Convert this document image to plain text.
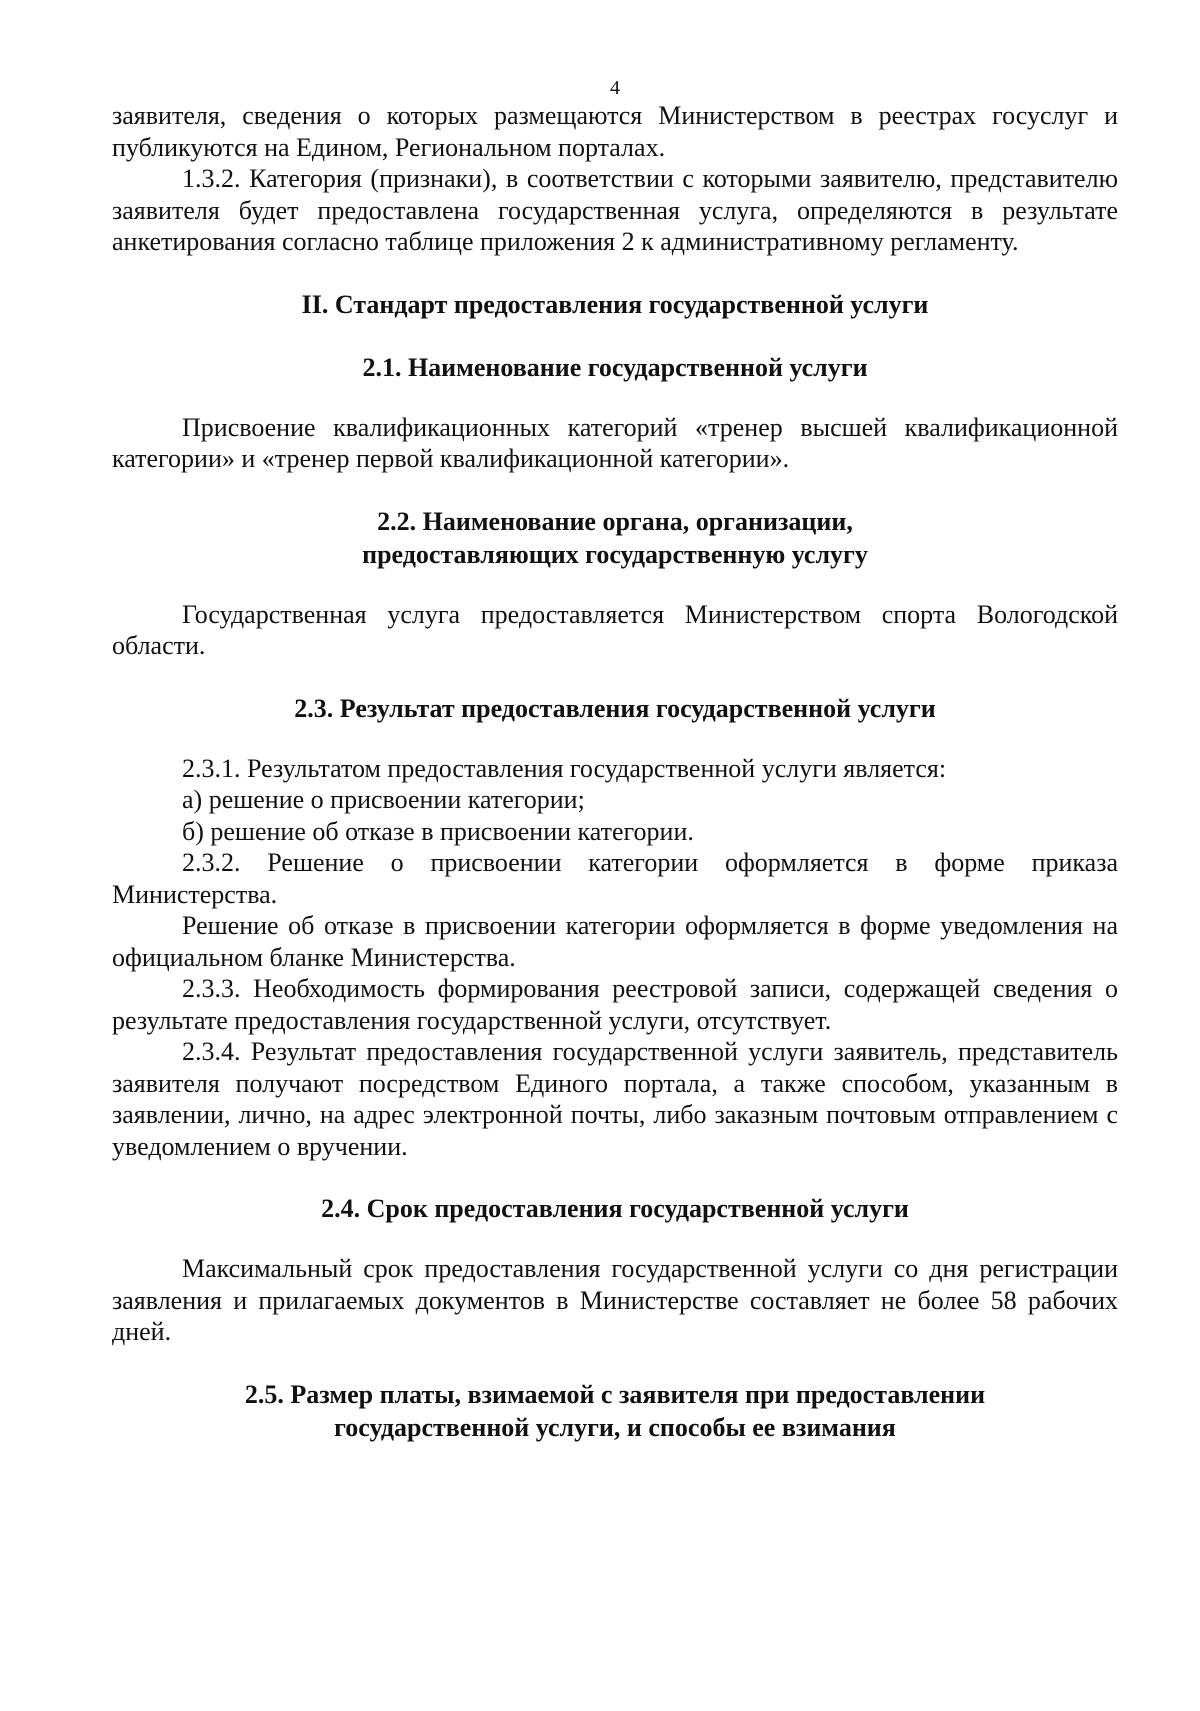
4

заявителя, сведения о которых размещаются Министерством в реестрах госуслуг и публикуются на Едином, Региональном порталах.

1.3.2. Категория (признаки), в соответствии с которыми заявителю, представителю заявителя будет предоставлена государственная услуга, определяются в результате анкетирования согласно таблице приложения 2 к административному регламенту.

II. Стандарт предоставления государственной услуги
2.1. Наименование государственной услуги

Присвоение квалификационных категорий «тренер высшей квалификационной категории» и «тренер первой квалификационной категории».

2.2. Наименование органа, организации,
предоставляющих государственную услугу

Государственная услуга предоставляется Министерством спорта Вологодской области.

2.3. Результат предоставления государственной услуги

2.3.1. Результатом предоставления государственной услуги является:

а) решение о присвоении категории;

б) решение об отказе в присвоении категории.

2.3.2. Решение о присвоении категории оформляется в форме приказа Министерства.

Решение об отказе в присвоении категории оформляется в форме уведомления на официальном бланке Министерства.

2.3.3. Необходимость формирования реестровой записи, содержащей сведения о результате предоставления государственной услуги, отсутствует.

2.3.4. Результат предоставления государственной услуги заявитель, представитель заявителя получают посредством Единого портала, а также способом, указанным в заявлении, лично, на адрес электронной почты, либо заказным почтовым отправлением с уведомлением о вручении.

2.4. Срок предоставления государственной услуги

Максимальный срок предоставления государственной услуги со дня регистрации заявления и прилагаемых документов в Министерстве составляет не более 58 рабочих дней.

2.5. Размер платы, взимаемой с заявителя при предоставлении
государственной услуги, и способы ее взимания
